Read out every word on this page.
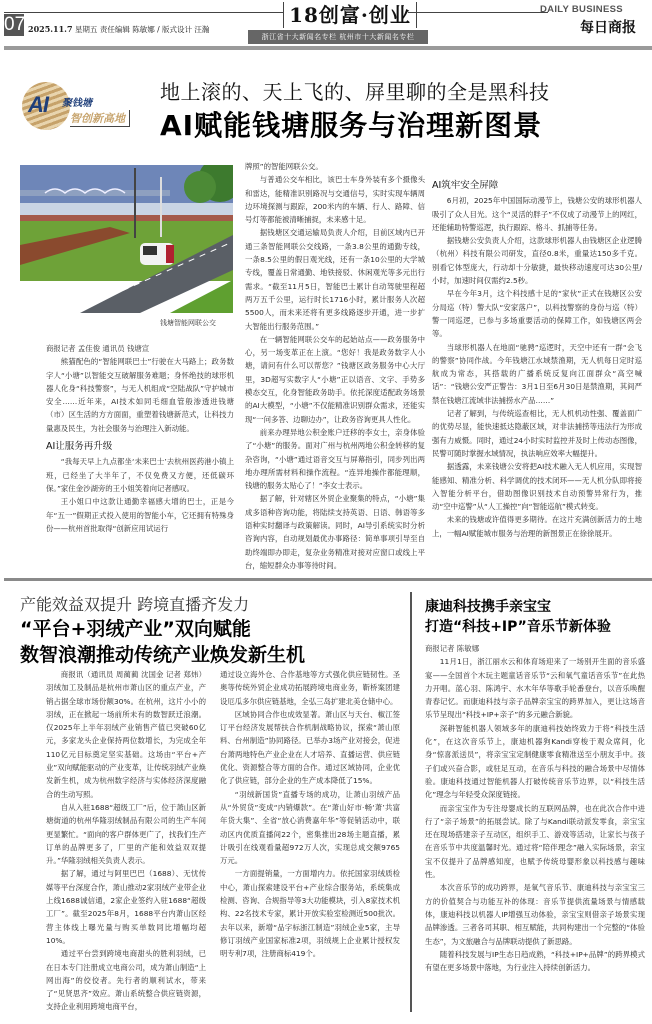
07 2025.11.7 星期五 责任编辑 陈敏娜 / 版式设计 汪瀚
18创富·创业
浙江省十大新闻名专栏 杭州市十大新闻名专栏
DAILY BUSINESS
每日商报
AI 聚钱塘
智创新高地
地上滚的、天上飞的、屏里聊的全是黑科技
AI赋能钱塘服务与治理新图景
钱塘智能网联公交

商报记者 孟佳俊 通讯员 钱塘宣

熊猫配色的“智能网联巴士”行驶在大马路上；政务数字人“小塘”以智能交互破解服务难题；身怀绝技的球形机器人化身“科技警察”，与无人机组成“空陆战队”守护城市安全……近年来，AI技术如同毛细血管般渗透进钱塘（市）区生活的方方面面，重塑着钱塘新范式，让科技力量惠及民生，为社会服务与治理注入新动能。

AI让服务再升级

“我每天早上九点都坐‘未来巴士’去杭州医药港小镇上班，已经坐了大半年了，不仅免费又方便，还低碳环保。”家住金沙湖旁的王小姐笑着向记者感叹。

王小姐口中这款让通勤幸福感大增的巴士，正是今年“五一”假期正式投入使用的智能小车，它还拥有特殊身份——杭州首批取得“创新应用试运行

牌照”的智能网联公交。

与普通公交车相比，该巴士车身外装有多个摄像头和雷达，能精准识别路况与交通信号，实时实现车辆周边环境探测与跟踪，200米内的车辆、行人、路障、信号灯等都能被清晰捕捉，未来感十足。

据钱塘区交通运输局负责人介绍，目前区域内已开通三条智能网联公交线路，一条3.8公里的通勤专线，一条8.5公里的假日观光线，还有一条10公里的大学城专线，覆盖日常通勤、地铁接驳、休闲观光等多元出行需求。“截至11月5日，智能巴士累计自动驾驶里程超两万五千公里，运行时长1716小时，累计服务人次超5500人，而未来还将有更多线路逐步开通，进一步扩大智能出行服务范围。”

在一辆智能网联公交车的起始站点——政务服务中心，另一场变革正在上演。“您好！我是政务数字人小塘，请问有什么可以帮您？”钱塘区政务服务中心大厅里，3D超写实数字人“小塘”正以语音、文字、手势多模态交互，化身智能政务助手。依托深度适配政务场景的AI大模型，“小塘”不仅能精准识别群众需求，还能实现“一问多答、边聊边办”，让政务咨询更具人性化。

前来办理异地公积金账户迁移的李女士，亲身体验了“小塘”的服务。面对广州与杭州两地公积金转移的复杂咨询，“小塘”通过语音交互与屏幕指引，同步列出两地办理所需材料和操作流程。“连异地操作都能理顺，钱塘的服务太贴心了！”李女士表示。

据了解，针对辖区外贸企业聚集的特点，“小塘”集成多语种咨询功能，将陆续支持英语、日语、韩语等多语种实时翻译与政策解读。同时，AI导引系统实时分析咨询内容，自动规划最优办事路径：简单事项引导至自助终端即办即走，复杂业务精准对接对应窗口或线上平台，缩短群众办事等待时间。

AI筑牢安全屏障

6月初，2025年中国国际动漫节上，钱塘公安的球形机器人吸引了众人目光。这个“灵活的胖子”不仅成了动漫节上的网红，还能辅助特警巡逻，执行跟踪、格斗、抓捕等任务。

据钱塘公安负责人介绍，这款球形机器人由钱塘区企业逻腾（杭州）科技有限公司研发，直径0.8米，重量达150多千克。别看它体型庞大，行动却十分敏捷，最快移动速度可达30公里/小时，加速时间仅需约2.5秒。

早在今年3月，这个科技感十足的“家伙”正式在钱塘区公安分局巡（特）警大队“安家落户”，以科技警察的身份与巡（特）警一同巡逻，已参与多场重要活动的保障工作，如钱塘区两会等。

当球形机器人在地面“驰骋”巡逻时，天空中还有一群“会飞的警察”协同作战。今年钱塘江水域禁渔期，无人机每日定时巡航成为常态，其搭载的广播系统反复向江面群众“高空喊话”：“钱塘公安严正警告：3月1日至6月30日是禁渔期，其间严禁在钱塘江流域非法捕捞水产品……”

记者了解到，与传统巡查相比，无人机机动性强、覆盖面广的优势尽显，能快速抵达隐蔽区域，对非法捕捞等违法行为形成强有力威慑。同时，通过24小时实时监控并及时上传动态图像，民警可随时掌握水域情况，执法响应效率大幅提升。

据透露，未来钱塘公安将把AI技术融入无人机应用，实现智能感知、精准分析、科学调优的技术闭环——无人机分队即将接入智能分析平台，借助图像识别技术自动预警异常行为，推动“空中巡警”从“人工操控”向“智能巡航”模式转变。

未来的钱塘或许值得更多期待。在这片充满创新活力的土地上，一幅AI赋能城市服务与治理的新图景正在徐徐展开。

产能效益双提升 跨境直播齐发力
“平台+羽绒产业”双向赋能
数智浪潮推动传统产业焕发新生机

商报讯（通讯员 周蔺蔺 沈国金 记者 郑炜）羽绒加工及制品是杭州市萧山区的重点产业，产销占据全球市场份额30%。在杭州，这片小小的羽绒，正在掀起一场前所未有的数智跃迁浪潮。仅2025年上半年羽绒产业销售产值已突破60亿元，多家龙头企业保持两位数增长，为完成全年110亿元目标奠定坚实基础。这场由“平台+产业”双向赋能驱动的产业变革，让传统羽绒产业焕发新生机，成为杭州数字经济与实体经济深度融合的生动写照。

自从入驻1688“超级工厂”后，位于萧山区新塘街道的杭州华隆羽绒制品有限公司的生产车间更显繁忙。“面向的客户群体更广了，找我们生产订单的品牌更多了，厂里的产能和效益双双提升。”华隆羽绒相关负责人表示。

据了解，通过与阿里巴巴（1688）、无忧传媒等平台深度合作，萧山推动2家羽绒产业带企业上线1688诚信通，2家企业签约入驻1688“超级工厂”。截至2025年8月，1688平台内萧山区经营主体线上曝光量与购买单数同比增幅均超10%。

通过平台尝到跨境电商甜头的胜利羽绒，已在日本专门注册成立电商公司，成为萧山制造“上网出海”的佼佼者。先行者的顺利试水，带来了“见贤思齐”效应。萧山系统整合供应链资源，支持企业利用跨境电商平台，

通过设立海外仓、合作基地等方式强化供应链韧性。圣奥等传统外贸企业成功拓展跨境电商业务，靳桥案团建设厄瓜多尔供应链基地，全弘三岛扩建北美仓储中心。

区域协同合作也成效显著。萧山区与天台、椒江签订平台经济发展帮扶合作机制战略协议，探索“萧山原料、台州制造”协同路径。已举办3场产业对接会，促进台萧两地特色产业企业在人才培养、直播运营、供应链优化、资源整合等方面的合作。通过区域协同，企业优化了供应链，部分企业的生产成本降低了15%。

“羽绒新国货”直播专场的成功，让萧山羽绒产品从“外贸货”变成“内销爆款”。在“萧山好市·畅‘萧’共富年货大集”、全省“放心消费嘉年华”等促销活动中，联动区内优质直播间22个，密集推出28场主题直播，累计吸引在线观看量超972万人次，实现总成交额9765万元。

一方面提销量，一方面增内力。依托国家羽绒质检中心，萧山探索建设平台+产业综合服务站，系统集成检测、咨询、合规指导等3大功能模块，引入8家技术机构、22名技术专家，累计开放实验室检测近500批次。去年以来，新增“品字标浙江制造”羽绒企业5家，主导修订羽绒产业国家标准2项，羽绒规上企业累计授权发明专利7项，注册商标419个。

康迪科技携手亲宝宝
打造“科技+IP”音乐节新体验

商报记者 陈敏娜

11月1日，浙江丽水云和体育场迎来了一场别开生面的音乐盛宴——全国首个木玩主题童话音乐节“云和氧气童话音乐节”在此热力开唱。蓝心羽、陈鸿宇、水木年华等歌手轮番登台，以音乐唤醒青春记忆。而康迪科技与亲子品牌亲宝宝的跨界加入，更让这场音乐节呈现出“科技+IP+亲子”的多元融合新貌。

深耕智能机器人领域多年的康迪科技始终致力于将“科技生活化”，在这次音乐节上，康迪机器狗Kandi穿梭于观众席间，化身“惊喜派送员”，将亲宝宝定制健康零食精准送至小朋友手中。孩子们或兴奋合影，或驻足互动，在音乐与科技的融合场景中尽情体验。康迪科技通过智能机器人打破传统音乐节边界，以“科技生活化”理念与年轻受众深度链接。

而亲宝宝作为专注母婴成长的互联网品牌，也在此次合作中进行了“亲子场景”的拓展尝试。除了与Kandi联动派发零食，亲宝宝还在现场搭建亲子互动区，组织手工、游戏等活动，让家长与孩子在音乐节中共度温馨时光。通过将“陪伴理念”融入实际场景，亲宝宝不仅提升了品牌感知度，也赋予传统母婴形象以科技感与趣味性。

本次音乐节的成功跨界，是氧气音乐节、康迪科技与亲宝宝三方的价值契合与功能互补的体现：音乐节提供流量场景与情感载体，康迪科技以机器人IP增强互动体验，亲宝宝则借亲子场景实现品牌渗透。三者各司其职、相互赋能，共同构建出一个完整的“体验生态”，为文旅融合与品牌联动提供了新思路。

随着科技发展与IP生态日趋成熟，“科技+IP+品牌”的跨界模式有望在更多场景中落地，为行业注入持续创新活力。
